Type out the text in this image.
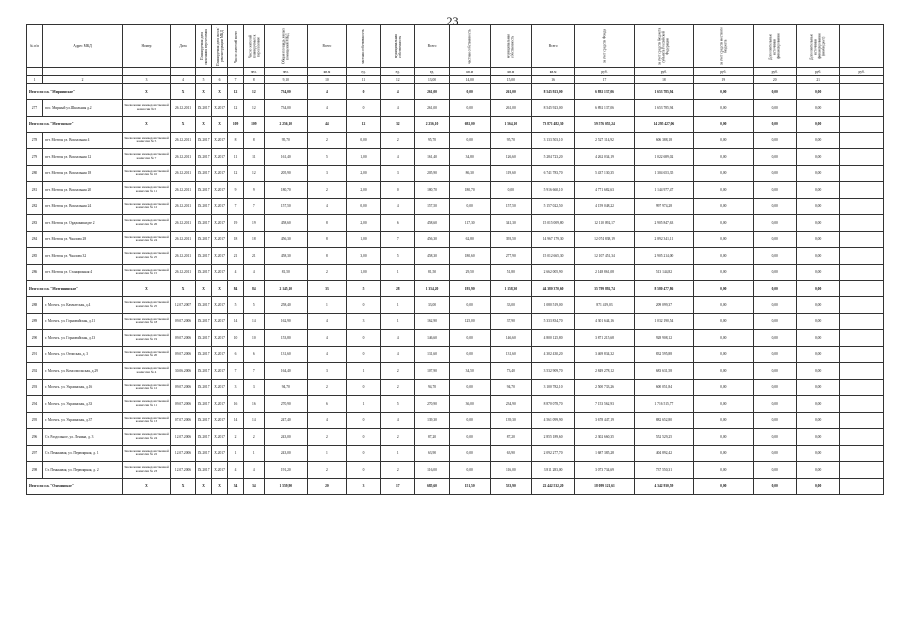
23
№ п/п	Адрес МКД	Номер	Дата	Планируемая дата окончания переселения	Планируемая дата сноса/реконструкции МКД	Число жителей всего	Число жителей планируемых к переселению	Общая площадь жилых помещений МКД	Всего	частная собственность	муниципальная собственность	Всего	частная собственность	муниципальная собственность	Всего	за счет средств Фонда	за счет средств бюджета субъекта Российской Федерации	за счет средств местного бюджета	Дополнительные источники финансирования	Дополнительные источники финансирования (внебюджет)	
							чел.	чел.	кв.м	ед.	ед.	ед.	кв.м	кв.м	кв.м	руб.	руб.	руб.	руб.	руб.	руб.
1	2	3	4	5	6	7	8	9,10	10	11	12	13,00	14,00	15,00	16	17	18	19	20	21	
Итого по г.п. "Мирнинское"		X	X	X	X	12	12	734,00	4	0	4	261,00	0,00	261,00	8 545 923,00	6 892 137,06	1 653 785,94	0,00	0,00	0,00	
277	пос. Мирный ул.Школьная д.2	Заключение межведомственной комиссии №3	26.12.2011	IX.2017	X.2017	12	12	734,00	4	0	4	261,00	0,00	261,00	8 545 923,00	6 892 137,06	1 653 785,94	0,00	0,00	0,00	
Итого по г.п. "Мотгонское"		X	X	X	X	109	109	2 256,10	44	12	32	2 256,10	692,00	1 564,10	73 871 482,30	59 576 055,24	14 295 427,06	0,00	0,00	0,00	
278	пгт. Мотгон ул. Вокзальная 4	Заключение межведомственной комиссии № 5	26.12.2011	IX.2017	X.2017	8	8	95,70	2	0,00	2	95,70	0,00	95,70	3 133 503,10	2 527 114,92	606 388,18	0,00	0,00	0,00	
279	пгт. Мотгон ул. Вокзальная 12	Заключение межведомственной комиссии № 7	26.12.2011	IX.2017	X.2017	11	11	161,40	5	1,00	4	161,40	34,80	126,60	5 284 723,20	4 262 034,19	1 022 689,02	0,00	0,00	0,00	
280	пгт. Мотгон ул. Вокзальная 18	Заключение межведомственной комиссии № 10	26.12.2011	IX.2017	X.2017	12	12	205,90	3	2,00	3	205,90	86,30	119,60	6 741 783,70	5 437 130,35	1 304 653,35	0,00	0,00	0,00	
281	пгт. Мотгон ул. Вокзальная 20	Заключение межведомственной комиссии № 11	26.12.2011	IX.2017	X.2017	9	9	180,70	2	2,00	0	180,70	180,70	0,00	5 916 660,10	4 771 682,63	1 144 977,47	0,00	0,00	0,00	
282	пгт. Мотгон ул. Вокзальная 24	Заключение межведомственной комиссии № 12	26.12.2011	IX.2017	X.2017	7	7	157,50	4	0,00	4	157,50	0,00	157,50	5 157 022,50	4 159 048,22	997 974,28	0,00	0,00	0,00	
283	пгт. Мотгон ул. Орджоникидзе 2	Заключение межведомственной комиссии № 26	26.12.2011	IX.2017	X.2017	19	19	458,60	8	2,00	6	458,60	117,30	341,30	15 015 009,80	12 110 092,17	2 905 847,63	0,00	0,00	0,00	
284	пгт. Мотгон ул. Чкалова 28	Заключение межведомственной комиссии № 24	26.12.2011	IX.2017	X.2017	18	18	456,30	8	1,00	7	456,30	62,80	393,50	14 967 179,30	12 074 838,19	2 892 341,11	0,00	0,00	0,00	
285	пгт. Мотгон ул. Чкалова 32	Заключение межведомственной комиссии № 25	26.12.2011	IX.2017	X.2017	21	21	458,30	8	3,00	5	458,30	180,60	277,90	15 012 665,30	12 107 451,34	2 905 214,00	0,00	0,00	0,00	
286	пгт. Мотгон ул. Станционная 4	Заключение межведомственной комиссии № 15	26.12.2011	IX.2017	X.2017	4	4	81,50	2	1,00	1	81,50	29,50	51,80	2 662 005,90	2 148 861,08	513 144,82	0,00	0,00	0,00	
Итого по г.п. "Мотгининское"		X	X	X	X	84	84	2 145,10	33	5	28	1 354,20	195,90	1 158,30	44 380 370,60	35 799 892,74	8 580 477,86	0,00	0,00	0,00	
288	г. Мосчгь. ул. Камчатская, д.4	Заключение межведомственной комиссии № 25	12.07.2007	IX.2017	X.2017	5	5	258,40	1	0	1	33,00	0,00	33,00	1 080 519,00	871 419,03	209 099,37	0,00	0,00	0,00	
289	г. Мосчгь. ул. Горновайская, д.11	Заключение межведомственной комиссии № 18	09.07.2006	IX.2017	X.2017	14	14	162,90	4	3	1	162,90	125,00	37,90	5 333 834,70	4 301 644,16	1 032 190,54	0,00	0,00	0,00	
290	г. Мосчгь. ул. Горновайская, д.13	Заключение межведомственной комиссии № 19	09.07.2006	IX.2017	X.2017	10	10	153,80	4	0	4	146,60	0,00	146,60	4 800 125,80	3 871 215,68	928 908,12	0,00	0,00	0,00	
291	г. Мосчгь. ул. Отпиская, д. 3	Заключение межведомственной комиссии № 20	09.07.2006	IX.2017	X.2017	6	6	131,60	4	0	4	131,60	0,00	131,60	4 302 430,20	3 469 834,32	832 595,88	0,00	0,00	0,00	
292	г. Мосчгь. ул. Комсомольская, д.29	Заключение межведомственной комиссии № 4	30.06.2006	IX.2017	X.2017	7	7	164,40	3	1	2	107,90	34,50	73,40	3 532 909,70	2 849 278,12	683 631,58	0,00	0,00	0,00	
293	г. Мосчгь. ул. Украинская, д.16	Заключение межведомственной комиссии № 12	09.07.2006	IX.2017	X.2017	3	3	94,70	2	0	2	94,70	0,00	94,70	3 100 782,10	2 500 733,26	600 051,84	0,00	0,00	0,00	
294	г. Мосчгь. ул. Украинская, д.33	Заключение межведомственной комиссии № 11	09.07.2006	IX.2017	X.2017	16	16	270,90	6	1	5	270,90	36,00	234,90	8 870 078,70	7 153 562,93	1 716 515,77	0,00	0,00	0,00	
295	г. Мосчгь. ул. Украинская, д.37	Заключение межведомственной комиссии № 13	07.07.2006	IX.2017	X.2017	14	14	247,40	4	0	4	139,30	0,00	139,30	4 561 099,90	3 678 447,19	882 652,80	0,00	0,00	0,00	
296	Ст. Раздольное, ул. Ленина, д. 3	Заключение межведомственной комиссии № 24	12.07.2006	IX.2017	X.2017	2	2	243,00	2	0	2	87,20	0,00	87,20	2 855 189,60	2 302 660,35	552 529,25	0,00	0,00	0,00	
297	Ст. Пенькавая, ул. Первоярная, д. 1	Заключение межведомственной комиссии № 22	12.07.2006	IX.2017	X.2017	1	1	243,00	1	0	1	63,90	0,00	63,90	2 092 277,70	1 687 385,28	404 892,42	0,00	0,00	0,00	
298	Ст. Пенькавая, ул. Первоярная, д. 2	Заключение межведомственной комиссии № 23	12.07.2006	IX.2017	X.2017	4	4	191,20	2	0	2	116,00	0,00	116,00	3 811 283,00	3 073 734,69	737 550,31	0,00	0,00	0,00	
Итого по г.п. "Озоминское"		X	X	X	X	34	34	1 559,90	20	3	17	685,60	151,50	533,90	22 442 532,20	18 099 121,61	4 342 930,59	0,00	0,00	0,00	
